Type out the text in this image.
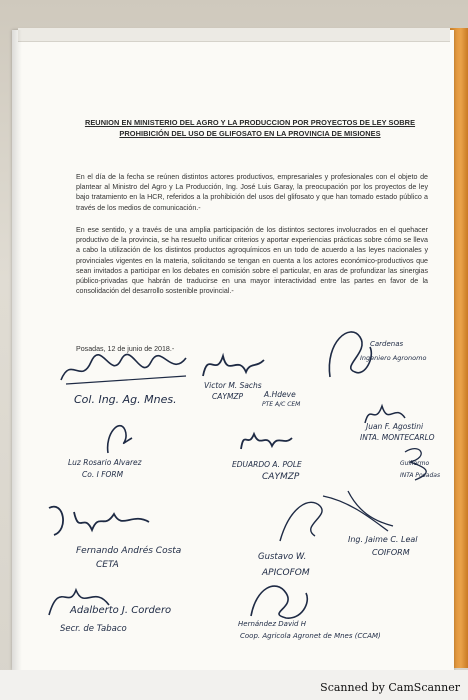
REUNION EN MINISTERIO DEL AGRO Y LA PRODUCCION POR PROYECTOS DE LEY SOBRE
PROHIBICIÓN DEL USO DE GLIFOSATO EN LA PROVINCIA DE MISIONES

En el día de la fecha se reúnen distintos actores productivos, empresariales y profesionales con el objeto de plantear al Ministro del Agro y La Producción, Ing. José Luis Garay, la preocupación por los proyectos de ley bajo tratamiento en la HCR, referidos a la prohibición del usos del glifosato y que han tomado estado público a través de los medios de comunicación.-

En ese sentido, y a través de una amplia participación de los distintos sectores involucrados en el quehacer productivo de la provincia, se ha resuelto unificar criterios y aportar experiencias prácticas sobre cómo se lleva a cabo la utilización de los distintos productos agroquímicos en un todo de acuerdo a las leyes nacionales y provinciales vigentes en la materia, solicitando se tengan en cuenta a los actores económico-productivos que sean invitados a participar en los debates en comisión sobre el particular, en aras de profundizar las sinergias público-privadas que habrán de traducirse en una mayor interactividad entre las partes en favor de la consolidación del desarrollo sostenible provincial.-

Posadas, 12 de junio de 2018.-
Col. Ing. Ag. Mnes.
Victor M. Sachs
A.Hdeve
CAYMZP
PTE A/C CEM
Cardenas
Ingeniero Agronomo
Juan F. Agostini
INTA. MONTECARLO
Luz Rosario Alvarez
Co. I FORM
EDUARDO A. POLE
CAYMZP
Guillermo
INTA Posadas
Fernando Andrés Costa
CETA
Gustavo W.
APICOFOM
Ing. Jaime C. Leal
COIFORM
Adalberto J. Cordero
Secr. de Tabaco	Hernández David H
Coop. Agricola Agronet de Mnes (CCAM)
Scanned by CamScanner
